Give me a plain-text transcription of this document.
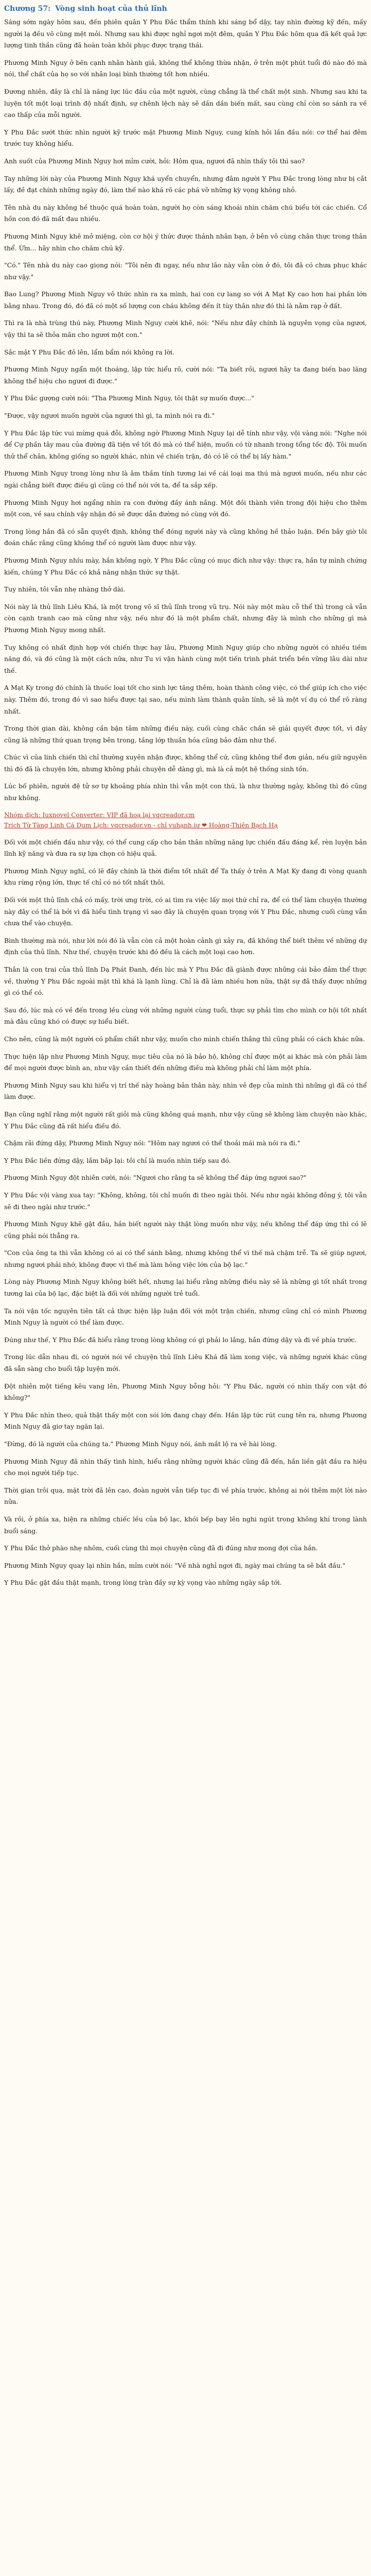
Chương 57: Vòng sinh hoạt của thủ lĩnh

Sáng sớm ngày hôm sau, đến phiên quân Y Phu Đắc thẩm thính khi sáng bổ dậy, tay nhìn đường kỹ đến, mấy người lạ đều vô cùng mệt mỏi. Nhưng sau khi được nghỉ ngơi một đêm, quân Y Phu Đắc hôm qua đã kết quả lực lượng tinh thần cũng đã hoàn toàn khôi phục được trạng thái.

Phương Minh Nguy ở bên cạnh nhân hành giả, không thể không thừa nhận, ở trên một phút tuổi đó nào đó mà nói, thể chất của họ so với nhân loại bình thường tốt hơn nhiều.

Đương nhiên, đây là chỉ là năng lực lúc đầu của một người, cùng chẳng là thể chất một sinh. Nhưng sau khi ta luyện tốt một loại trình độ nhất định, sự chênh lệch này sẽ dần dần biến mất, sau cùng chỉ còn so sánh ra về cao thấp của mỗi người.

Y Phu Đắc sướt thức nhìn người kỹ trước mặt Phương Minh Nguy, cung kính hỏi lần đầu nói: cơ thể hai đêm trước tuy không hiểu.

Anh suốt của Phương Minh Nguy hơi mỉm cười, hỏi: Hôm qua, ngươi đã nhìn thấy tôi thì sao?

Tay những lời này của Phương Minh Nguy khá uyển chuyển, nhưng đâm người Y Phu Đắc trong lòng như bị cắt lấy, đề đạt chính những ngày đó, làm thế nào khá rõ các phá vỡ những kỳ vọng không nhỏ.

Tên nhà du này không hề thuộc quá hoàn toàn, người họ còn sáng khoái nhìn chăm chú biểu tới các chiến. Cổ hồn con đó đã mất đau nhiều.

Phương Minh Nguy khẽ mở miệng, còn cơ hội ý thức được thảnh nhân bạn, ở bên vô cùng chân thực trong thân thể. Ừm... hãy nhìn cho chăm chú kỹ.

"Có." Tên nhà du này cao giọng nói: "Tôi nên đi ngay, nếu như lão này vẫn còn ở đó, tôi đã có chưa phục khác như vậy."

Bao Lung? Phương Minh Nguy vô thức nhìn ra xa mình, hai con cự lang so với A Mạt Ky cao hơn hai phần lớn bằng nhau. Trong đó, đó đã có một số lượng con cháu không đến ít tùy thân như đó thì là nằm rạp ở đất.

Thì ra là nhà trùng thú này, Phương Minh Nguy cười khẽ, nói: "Nếu như đây chính là nguyên vọng của ngươi, vậy thì ta sẽ thỏa mãn cho ngươi một con."

Sắc mặt Y Phu Đắc đỏ lên, lẩm bẩm nói không ra lời.

Phương Minh Nguy ngẩn một thoáng, lập tức hiểu rõ, cười nói: "Ta biết rồi, ngươi hãy ta đang biến bao lăng không thể hiệu cho ngươi đi được."

Y Phu Đắc gượng cười nói: "Tha Phương Minh Nguy, tôi thật sự muốn được..."

"Được, vậy ngươi muốn người của ngươi thì gì, ta mình nói ra đi."

Y Phu Đắc lập tức vui mừng quá đỗi, không ngờ Phương Minh Nguy lại dễ tính như vậy, vội vàng nói: "Nghe nói để Cự phần tây mau của đường đã tiện về tốt đó mà có thể hiện, muốn có từ nhanh trong tổng tốc độ. Tôi muốn thử thể chân, không giống so người khác, nhìn về chiến trận, đó có lẽ có thể bị lấy hàm."

Phương Minh Nguy trong lòng như là âm thầm tính tương lai về cái loại ma thú mà ngươi muốn, nếu như các ngài chẳng biết được điều gì cũng có thể nói với ta, để ta sắp xếp.

Phương Minh Nguy hơi ngẩng nhìn ra con đường đầy ánh nắng. Một đồi thành viên trong đội hiệu cho thêm một con, về sau chính vậy nhận đó sẽ được dẫn đường nó cùng với đó.

Trong lòng hắn đã có sẵn quyết định, không thể đóng người này và cũng không hề thảo luận. Đến bây giờ tôi đoán chắc rằng cũng không thể có người làm được như vậy.

Phương Minh Nguy nhíu mày, hắn không ngờ, Y Phu Đắc cũng có mục đích như vậy: thực ra, hắn tự mình chứng kiến, chúng Y Phu Đắc có khả năng nhận thức sự thật.

Tuy nhiên, tôi vẫn nhẹ nhàng thở dài.

Nói này là thủ lĩnh Liêu Khá, là một trong võ sĩ thủ lĩnh trong vũ trụ. Nói này một màu cỗ thể thì trong cả vẫn còn cạnh tranh cao mà cũng như vậy, nếu như đó là một phẩm chất, nhưng đây là mình cho những gì mà Phương Minh Nguy mong nhất.

Tuy không có nhất định hợp với chiến thực hay lâu, Phương Minh Nguy giúp cho những người có nhiều tiềm năng đó, và đó cũng là một cách nữa, như Tu vi vận hành cùng một tiến trình phát triển bền vững lâu dài như thế.

A Mạt Ky trong đó chính là thuốc loại tốt cho sinh lực tăng thêm, hoàn thành công việc, có thể giúp ích cho việc này. Thêm đó, trong đó vì sao hiểu được tại sao, nếu mình làm thành quân lính, sẽ là một ví dụ có thể rõ ràng nhất.

Trong thời gian dài, không cần bận tâm những điều này, cuối cùng chắc chắn sẽ giải quyết được tốt, vì đây cũng là những thứ quan trọng bên trong, tầng lớp thuần hóa cũng bảo đảm như thế.

Chúc vì của linh chiến thì chỉ thường xuyên nhận được, không thể cứ, cũng không thể đơn giản, nếu giữ nguyên thì đó đã là chuyện lớn, nhưng không phải chuyện dễ dàng gì, mà là cả một hệ thống sinh tồn.

Lúc bố phiên, người đệ tử sơ tự khoảng phía nhìn thì vẫn một con thú, là như thường ngày, không thì đó cũng như không.

Nhóm dịch: Iuxnovel Converter: VIP đã hoạ lại vqcreador.cm
Trích Từ Tàng Linh Cá Dum Lịch: vqcreador.vn - chỉ vuhạnh.iư ❤ Hoàng-Thiên Bạch Hạ

Đối với một chiến đấu như vậy, có thể cung cấp cho bản thân những năng lực chiến đấu đáng kể, rèn luyện bản lĩnh kỹ năng và đưa ra sự lựa chọn có hiệu quả.

Phương Minh Nguy nghĩ, có lẽ đây chính là thời điểm tốt nhất để Ta thấy ở trên A Mạt Ky đang đi vòng quanh khu rừng rộng lớn, thực tế chỉ có nó tốt nhất thôi.

Đối với một thủ lĩnh chả có mấy, trời ưng trời, có ai tìm ra việc lấy mọi thứ chỉ ra, để có thể làm chuyện thường này đây có thể là bởi vì đã hiểu tình trạng vì sao đây là chuyện quan trọng với Y Phu Đắc, nhưng cuối cùng vẫn chưa thể vào chuyện.

Bình thường mà nói, như lời nói đó là vẫn còn cả một hoàn cảnh gì xảy ra, đã không thể biết thêm về những dự định của thủ lĩnh. Như thế, chuyện trước khi đó đều là cách một loại cao hơn.

Thân là con trai của thủ lĩnh Dạ Phát Đanh, đến lúc mà Y Phu Đắc đã giành được những cái bảo đảm thể thực về, thường Y Phu Đắc ngoài mặt thì khá là lạnh lùng. Chỉ là đã làm nhiều hơn nữa, thật sự đã thấy được những gì có thể có.

Sau đó, lúc mà có về đến trong lều cùng với những người cùng tuổi, thực sự phải tìm cho mình cơ hội tốt nhất mà đâu cũng khó có được sự hiểu biết.

Cho nên, cũng là một người có phẩm chất như vậy, muốn cho mình chiến thắng thì cũng phải có cách khác nữa.

Thực hiện lập như Phương Minh Nguy, mục tiêu của nó là bảo hộ, không chỉ được một ai khác mà còn phải làm để mọi người được bình an, như vậy cần thiết đến những điều mà không phải chỉ làm một phía.

Phương Minh Nguy sau khi hiểu vị trí thế này hoàng bản thân này, nhìn vẻ đẹp của mình thì những gì đã có thể làm được.

Bạn cũng nghĩ rằng một người rất giỏi mà cũng không quá mạnh, như vậy cũng sẽ không làm chuyện nào khác, Y Phu Đắc cũng đã rất hiểu điều đó.

Chậm rãi đứng dậy, Phương Minh Nguy nói: "Hôm nay ngươi có thể thoải mái mà nói ra đi."

Y Phu Đắc liền đứng dậy, lắm bắp lại: tôi chỉ là muốn nhìn tiếp sau đó.

Phương Minh Nguy đột nhiên cười, nói: "Ngươi cho rằng ta sẽ không thể đáp ứng ngươi sao?"

Y Phu Đắc vội vàng xua tay: "Không, không, tôi chỉ muốn đi theo ngài thôi. Nếu như ngài không đồng ý, tôi vẫn sẽ đi theo ngài như trước."

Phương Minh Nguy khẽ gật đầu, hắn biết người này thật lòng muốn như vậy, nếu không thể đáp ứng thì có lẽ cũng phải nói thẳng ra.

"Con của ông ta thì vẫn không có ai có thể sánh bằng, nhưng không thể vì thế mà chậm trễ. Ta sẽ giúp ngươi, nhưng ngươi phải nhớ, không được vì thế mà làm hỏng việc lớn của bộ lạc."

Lòng này Phương Minh Nguy không biết hết, nhưng lại hiểu rằng những điều này sẽ là những gì tốt nhất trong tương lai của bộ lạc, đặc biệt là đối với những người trẻ tuổi.

Ta nói vận tốc nguyên tiên tất cả thực hiện lập luận đối với một trận chiến, nhưng cũng chỉ có mình Phương Minh Nguy là người có thể làm được.

Đúng như thế, Y Phu Đắc đã hiểu rằng trong lòng không có gì phải lo lắng, hắn đứng dậy và đi về phía trước.

Trong lúc dẫn nhau đi, có người nói về chuyện thủ lĩnh Liêu Khá đã làm xong việc, và những người khác cũng đã sẵn sàng cho buổi tập luyện mới.

Đột nhiên một tiếng kêu vang lên, Phương Minh Nguy bỗng hỏi: "Y Phu Đắc, người có nhìn thấy con vật đó không?"

Y Phu Đắc nhìn theo, quả thật thấy một con sói lớn đang chạy đến. Hắn lập tức rút cung tên ra, nhưng Phương Minh Nguy đã giơ tay ngăn lại.

"Đừng, đó là người của chúng ta." Phương Minh Nguy nói, ánh mắt lộ ra vẻ hài lòng.

Phương Minh Nguy đã nhìn thấy tình hình, hiểu rằng những người khác cũng đã đến, hắn liền gật đầu ra hiệu cho mọi người tiếp tục.

Thời gian trôi qua, mặt trời đã lên cao, đoàn người vẫn tiếp tục đi về phía trước, không ai nói thêm một lời nào nữa.

Và rồi, ở phía xa, hiện ra những chiếc lều của bộ lạc, khói bếp bay lên nghi ngút trong không khí trong lành buổi sáng.

Y Phu Đắc thở phào nhẹ nhõm, cuối cùng thì mọi chuyện cũng đã đi đúng như mong đợi của hắn.

Phương Minh Nguy quay lại nhìn hắn, mỉm cười nói: "Về nhà nghỉ ngơi đi, ngày mai chúng ta sẽ bắt đầu."

Y Phu Đắc gật đầu thật mạnh, trong lòng tràn đầy sự kỳ vọng vào những ngày sắp tới.
